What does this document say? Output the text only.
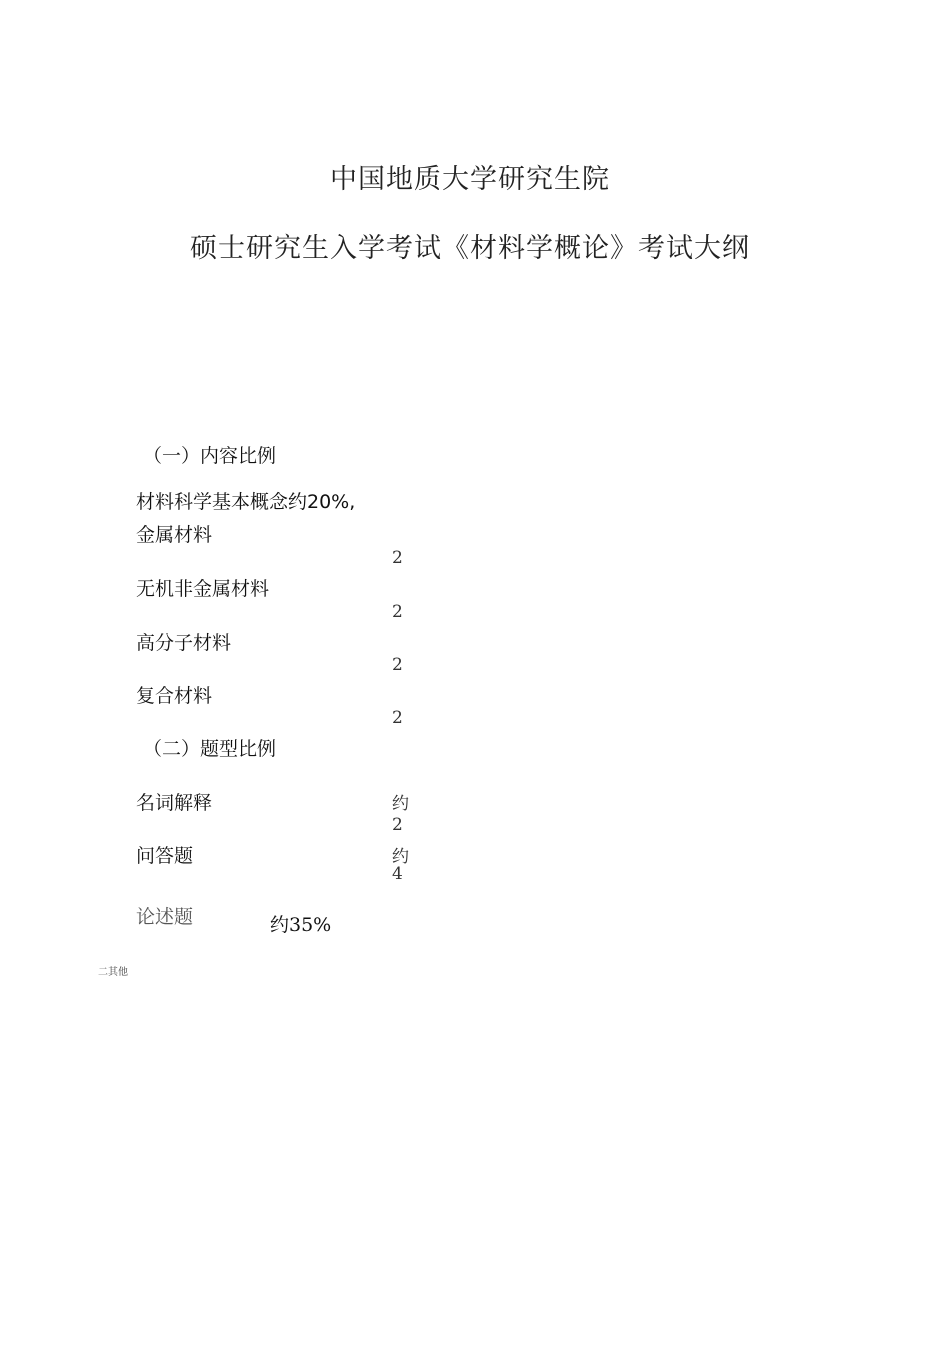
中国地质大学研究生院
硕士研究生入学考试《材料学概论》考试大纲
（一）内容比例
材料科学基本概念约20%,
金属材料
2
无机非金属材料
2
高分子材料
2
复合材料
2
（二）题型比例
名词解释	约
2
问答题	约
4
论述题	约35%
二其他
